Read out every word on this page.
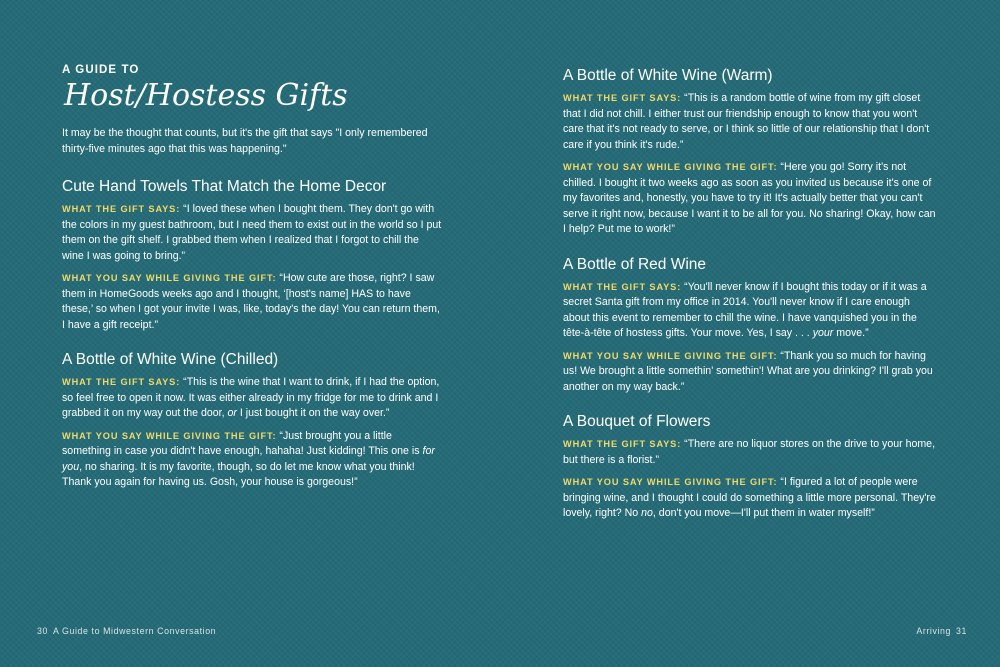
A GUIDE TO
Host/Hostess Gifts

It may be the thought that counts, but it's the gift that says "I only remembered thirty-five minutes ago that this was happening."

Cute Hand Towels That Match the Home Decor

WHAT THE GIFT SAYS: “I loved these when I bought them. They don't go with the colors in my guest bathroom, but I need them to exist out in the world so I put them on the gift shelf. I grabbed them when I realized that I forgot to chill the wine I was going to bring.”

WHAT YOU SAY WHILE GIVING THE GIFT: “How cute are those, right? I saw them in HomeGoods weeks ago and I thought, ‘[host's name] HAS to have these,’ so when I got your invite I was, like, today's the day! You can return them, I have a gift receipt.”

A Bottle of White Wine (Chilled)

WHAT THE GIFT SAYS: “This is the wine that I want to drink, if I had the option, so feel free to open it now. It was either already in my fridge for me to drink and I grabbed it on my way out the door, or I just bought it on the way over.”

WHAT YOU SAY WHILE GIVING THE GIFT: “Just brought you a little something in case you didn't have enough, hahaha! Just kidding! This one is for you, no sharing. It is my favorite, though, so do let me know what you think! Thank you again for having us. Gosh, your house is gorgeous!”

30 A Guide to Midwestern Conversation
A Bottle of White Wine (Warm)

WHAT THE GIFT SAYS: “This is a random bottle of wine from my gift closet that I did not chill. I either trust our friendship enough to know that you won't care that it's not ready to serve, or I think so little of our relationship that I don't care if you think it's rude.”

WHAT YOU SAY WHILE GIVING THE GIFT: “Here you go! Sorry it's not chilled. I bought it two weeks ago as soon as you invited us because it's one of my favorites and, honestly, you have to try it! It's actually better that you can't serve it right now, because I want it to be all for you. No sharing! Okay, how can I help? Put me to work!”

A Bottle of Red Wine

WHAT THE GIFT SAYS: “You'll never know if I bought this today or if it was a secret Santa gift from my office in 2014. You'll never know if I care enough about this event to remember to chill the wine. I have vanquished you in the tête-à-tête of hostess gifts. Your move. Yes, I say . . . your move.”

WHAT YOU SAY WHILE GIVING THE GIFT: “Thank you so much for having us! We brought a little somethin' somethin'! What are you drinking? I'll grab you another on my way back.”

A Bouquet of Flowers

WHAT THE GIFT SAYS: “There are no liquor stores on the drive to your home, but there is a florist.”

WHAT YOU SAY WHILE GIVING THE GIFT: “I figured a lot of people were bringing wine, and I thought I could do something a little more personal. They're lovely, right? No no, don't you move—I'll put them in water myself!”

Arriving 31
